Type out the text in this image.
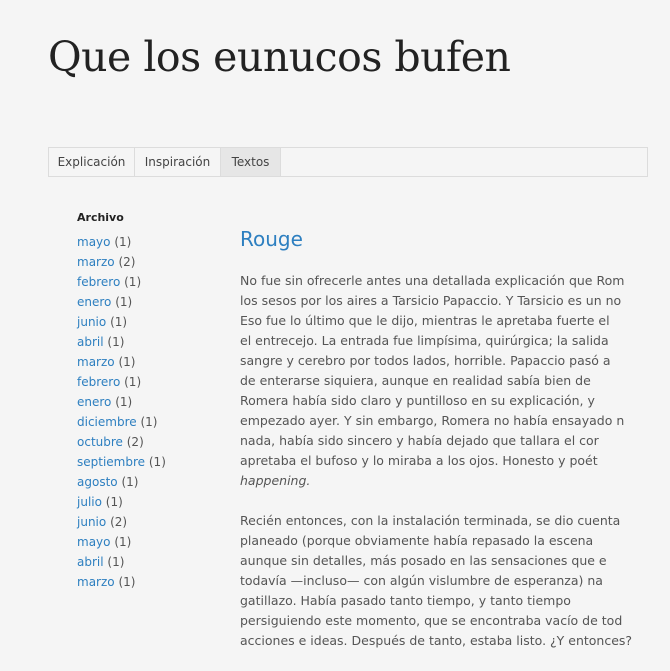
Que los eunucos bufen
Explicación	Inspiración	Textos
Archivo
mayo (1)
marzo (2)
febrero (1)
enero (1)
junio (1)
abril (1)
marzo (1)
febrero (1)
enero (1)
diciembre (1)
octubre (2)
septiembre (1)
agosto (1)
julio (1)
junio (2)
mayo (1)
abril (1)
marzo (1)
Rouge

No fue sin ofrecerle antes una detallada explicación que Rom
los sesos por los aires a Tarsicio Papaccio. Y Tarsicio es un no
Eso fue lo último que le dijo, mientras le apretaba fuerte el
el entrecejo. La entrada fue limpísima, quirúrgica; la salida
sangre y cerebro por todos lados, horrible. Papaccio pasó a
de enterarse siquiera, aunque en realidad sabía bien de
Romera había sido claro y puntilloso en su explicación, y
empezado ayer. Y sin embargo, Romera no había ensayado n
nada, había sido sincero y había dejado que tallara el cor
apretaba el bufoso y lo miraba a los ojos. Honesto y poét
happening.

Recién entonces, con la instalación terminada, se dio cuenta
planeado (porque obviamente había repasado la escena
aunque sin detalles, más posado en las sensaciones que e
todavía —incluso— con algún vislumbre de esperanza) na
gatillazo. Había pasado tanto tiempo, y tanto tiempo
persiguiendo este momento, que se encontraba vacío de tod
acciones e ideas. Después de tanto, estaba listo. ¿Y entonces?
